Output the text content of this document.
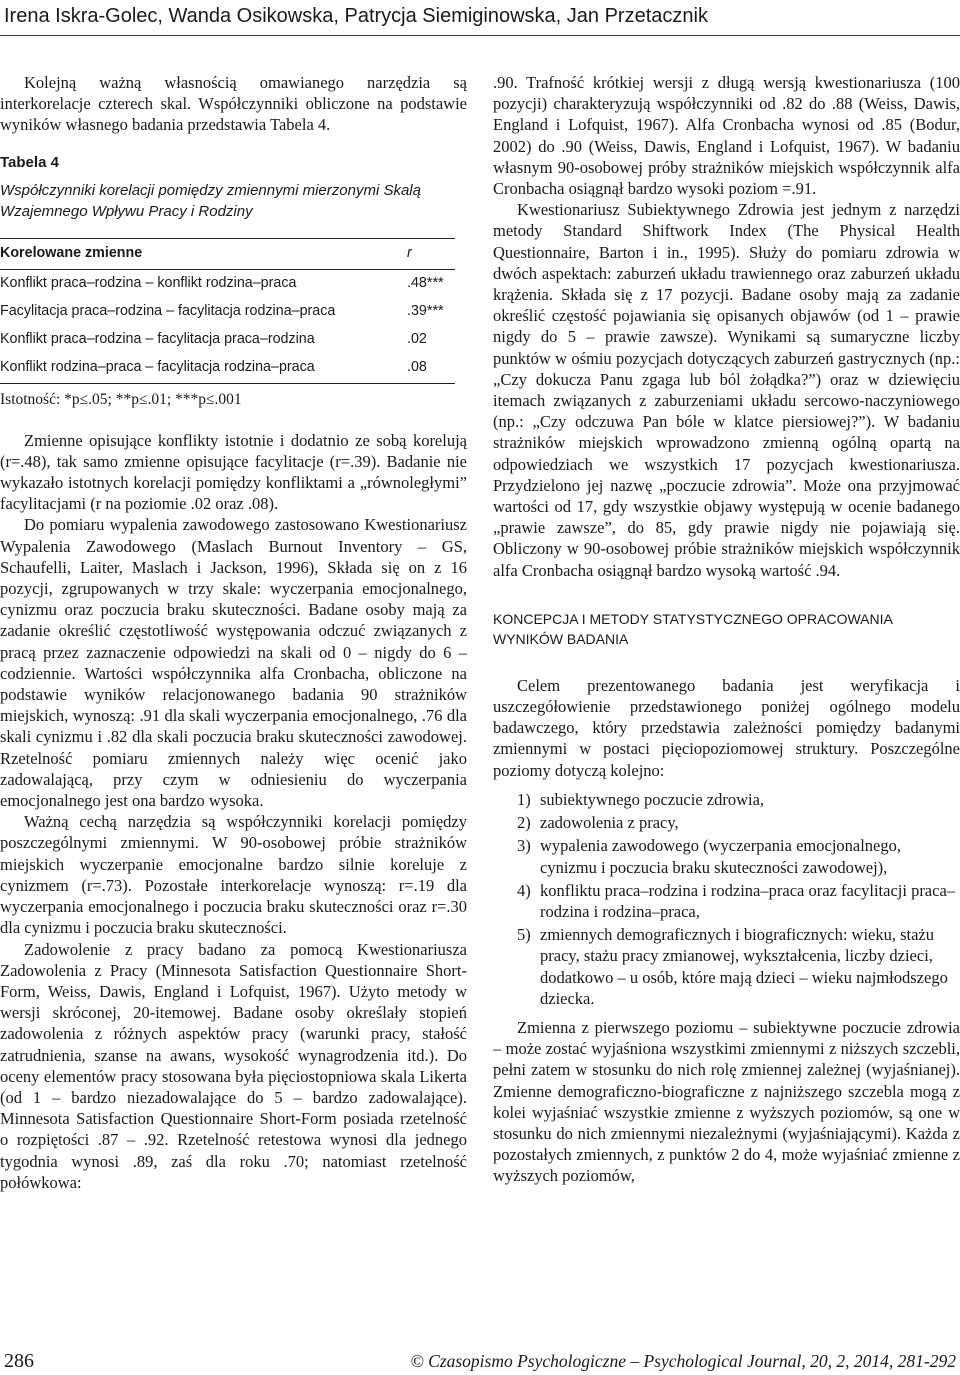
Irena Iskra-Golec, Wanda Osikowska, Patrycja Siemiginowska, Jan Przetacznik

Kolejną ważną własnością omawianego narzędzia są interkorelacje czterech skal. Współczynniki obliczone na podstawie wyników własnego badania przedstawia Tabela 4.

Tabela 4
Współczynniki korelacji pomiędzy zmiennymi mierzonymi Skalą Wzajemnego Wpływu Pracy i Rodziny
Korelowane zmienne	r
Konflikt praca–rodzina – konflikt rodzina–praca	.48***
Facylitacja praca–rodzina – facylitacja rodzina–praca	.39***
Konflikt praca–rodzina – facylitacja praca–rodzina	.02
Konflikt rodzina–praca – facylitacja rodzina–praca	.08
Istotność: *p≤.05; **p≤.01; ***p≤.001

Zmienne opisujące konflikty istotnie i dodatnio ze sobą korelują (r=.48), tak samo zmienne opisujące facylitacje (r=.39). Badanie nie wykazało istotnych korelacji pomiędzy konfliktami a „równoległymi” facylitacjami (r na poziomie .02 oraz .08).

Do pomiaru wypalenia zawodowego zastosowano Kwestionariusz Wypalenia Zawodowego (Maslach Burnout Inventory – GS, Schaufelli, Laiter, Maslach i Jackson, 1996), Składa się on z 16 pozycji, zgrupowanych w trzy skale: wyczerpania emocjonalnego, cynizmu oraz poczucia braku skuteczności. Badane osoby mają za zadanie określić częstotliwość występowania odczuć związanych z pracą przez zaznaczenie odpowiedzi na skali od 0 – nigdy do 6 – codziennie. Wartości współczynnika alfa Cronbacha, obliczone na podstawie wyników relacjonowanego badania 90 strażników miejskich, wynoszą: .91 dla skali wyczerpania emocjonalnego, .76 dla skali cynizmu i .82 dla skali poczucia braku skuteczności zawodowej. Rzetelność pomiaru zmiennych należy więc ocenić jako zadowalającą, przy czym w odniesieniu do wyczerpania emocjonalnego jest ona bardzo wysoka.

Ważną cechą narzędzia są współczynniki korelacji pomiędzy poszczególnymi zmiennymi. W 90-osobowej próbie strażników miejskich wyczerpanie emocjonalne bardzo silnie koreluje z cynizmem (r=.73). Pozostałe interkorelacje wynoszą: r=.19 dla wyczerpania emocjonalnego i poczucia braku skuteczności oraz r=.30 dla cynizmu i poczucia braku skuteczności.

Zadowolenie z pracy badano za pomocą Kwestionariusza Zadowolenia z Pracy (Minnesota Satisfaction Questionnaire Short-Form, Weiss, Dawis, England i Lofquist, 1967). Użyto metody w wersji skróconej, 20-itemowej. Badane osoby określały stopień zadowolenia z różnych aspektów pracy (warunki pracy, stałość zatrudnienia, szanse na awans, wysokość wynagrodzenia itd.). Do oceny elementów pracy stosowana była pięciostopniowa skala Likerta (od 1 – bardzo niezadowalające do 5 – bardzo zadowalające). Minnesota Satisfaction Questionnaire Short-Form posiada rzetelność o rozpiętości .87 – .92. Rzetelność retestowa wynosi dla jednego tygodnia wynosi .89, zaś dla roku .70; natomiast rzetelność połówkowa:

.90. Trafność krótkiej wersji z długą wersją kwestionariusza (100 pozycji) charakteryzują współczynniki od .82 do .88 (Weiss, Dawis, England i Lofquist, 1967). Alfa Cronbacha wynosi od .85 (Bodur, 2002) do .90 (Weiss, Dawis, England i Lofquist, 1967). W badaniu własnym 90-osobowej próby strażników miejskich współczynnik alfa Cronbacha osiągnął bardzo wysoki poziom =.91.

Kwestionariusz Subiektywnego Zdrowia jest jednym z narzędzi metody Standard Shiftwork Index (The Physical Health Questionnaire, Barton i in., 1995). Służy do pomiaru zdrowia w dwóch aspektach: zaburzeń układu trawiennego oraz zaburzeń układu krążenia. Składa się z 17 pozycji. Badane osoby mają za zadanie określić częstość pojawiania się opisanych objawów (od 1 – prawie nigdy do 5 – prawie zawsze). Wynikami są sumaryczne liczby punktów w ośmiu pozycjach dotyczących zaburzeń gastrycznych (np.: „Czy dokucza Panu zgaga lub ból żołądka?”) oraz w dziewięciu itemach związanych z zaburzeniami układu sercowo-naczyniowego (np.: „Czy odczuwa Pan bóle w klatce piersiowej?”). W badaniu strażników miejskich wprowadzono zmienną ogólną opartą na odpowiedziach we wszystkich 17 pozycjach kwestionariusza. Przydzielono jej nazwę „poczucie zdrowia”. Może ona przyjmować wartości od 17, gdy wszystkie objawy występują w ocenie badanego „prawie zawsze”, do 85, gdy prawie nigdy nie pojawiają się. Obliczony w 90-osobowej próbie strażników miejskich współczynnik alfa Cronbacha osiągnął bardzo wysoką wartość .94.

KONCEPCJA I METODY STATYSTYCZNEGO OPRACOWANIA WYNIKÓW BADANIA

Celem prezentowanego badania jest weryfikacja i uszczegółowienie przedstawionego poniżej ogólnego modelu badawczego, który przedstawia zależności pomiędzy badanymi zmiennymi w postaci pięciopoziomowej struktury. Poszczególne poziomy dotyczą kolejno:

1) subiektywnego poczucie zdrowia,
2) zadowolenia z pracy,
3) wypalenia zawodowego (wyczerpania emocjonalnego, cynizmu i poczucia braku skuteczności zawodowej),
4) konfliktu praca–rodzina i rodzina–praca oraz facylitacji praca–rodzina i rodzina–praca,
5) zmiennych demograficznych i biograficznych: wieku, stażu pracy, stażu pracy zmianowej, wykształcenia, liczby dzieci, dodatkowo – u osób, które mają dzieci – wieku najmłodszego dziecka.

Zmienna z pierwszego poziomu – subiektywne poczucie zdrowia – może zostać wyjaśniona wszystkimi zmiennymi z niższych szczebli, pełni zatem w stosunku do nich rolę zmiennej zależnej (wyjaśnianej). Zmienne demograficzno-biograficzne z najniższego szczebla mogą z kolei wyjaśniać wszystkie zmienne z wyższych poziomów, są one w stosunku do nich zmiennymi niezależnymi (wyjaśniającymi). Każda z pozostałych zmiennych, z punktów 2 do 4, może wyjaśniać zmienne z wyższych poziomów,

286	© Czasopismo Psychologiczne – Psychological Journal, 20, 2, 2014, 281-292
